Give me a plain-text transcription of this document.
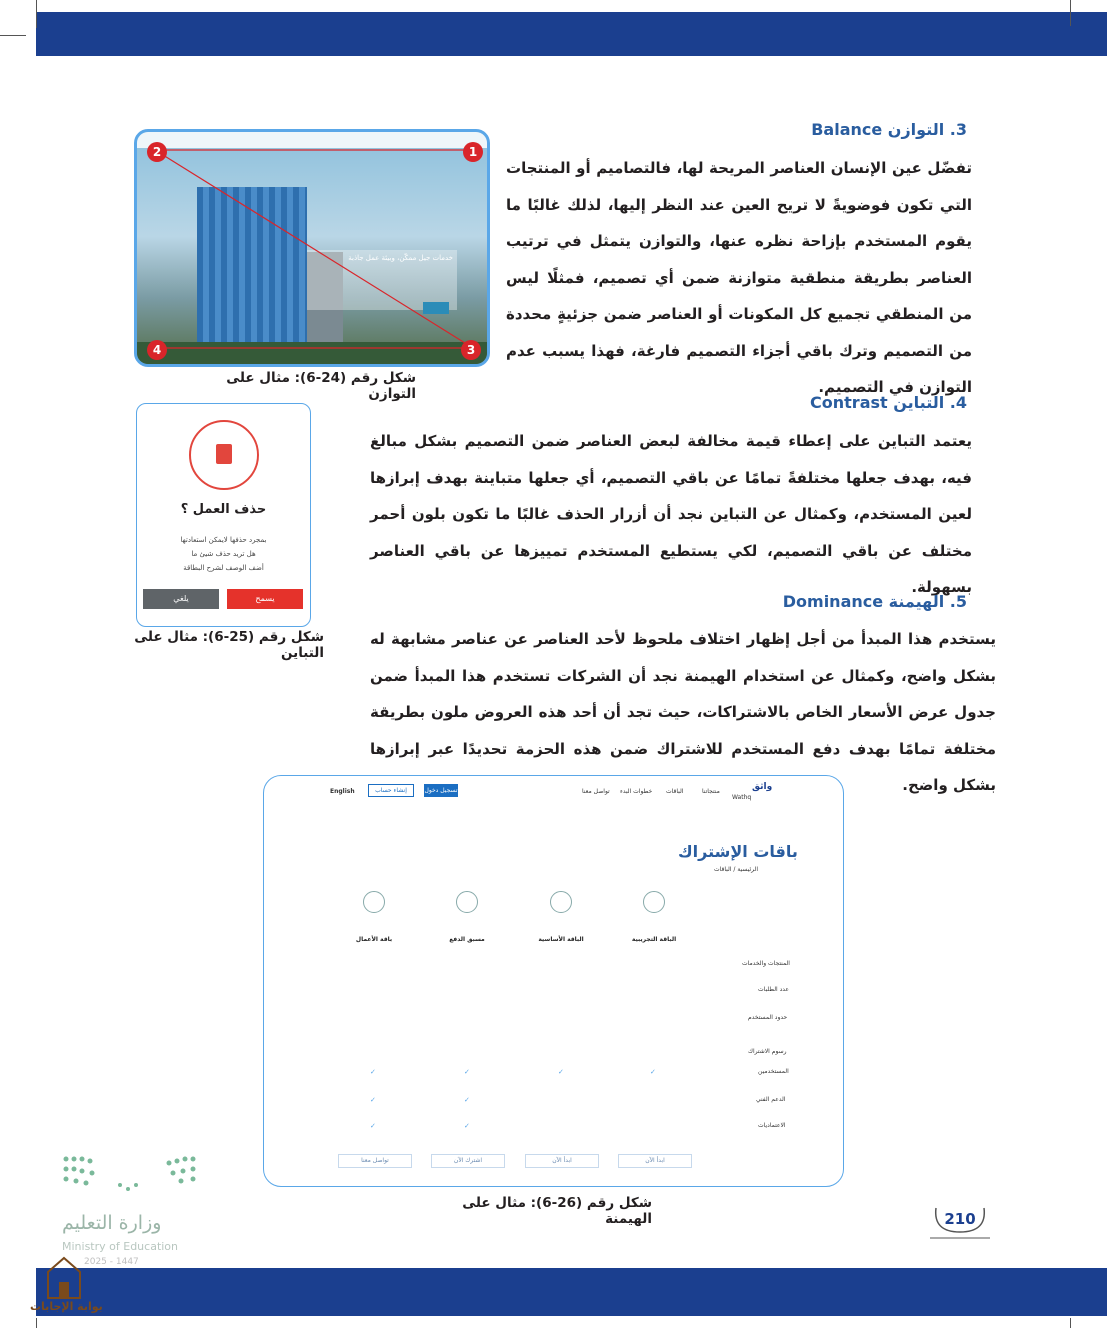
3. التوازن Balance
تفضّل عين الإنسان العناصر المريحة لها، فالتصاميم أو المنتجات التي تكون فوضويةً لا تريح العين عند النظر إليها، لذلك غالبًا ما يقوم المستخدم بإزاحة نظره عنها، والتوازن يتمثل في ترتيب العناصر بطريقة منطقية متوازنة ضمن أي تصميم، فمثلًا ليس من المنطقي تجميع كل المكونات أو العناصر ضمن جزئيةٍ محددة من التصميم وترك باقي أجزاء التصميم فارغة، فهذا يسبب عدم التوازن في التصميم.
خدمات جيل ممكّن، وبيئة عمل جاذبة
1
2
3
4
شكل رقم (24-6): مثال على التوازن	4. التباين Contrast
يعتمد التباين على إعطاء قيمة مخالفة لبعض العناصر ضمن التصميم بشكل مبالغ فيه، بهدف جعلها مختلفةً تمامًا عن باقي التصميم، أي جعلها متباينة بهدف إبرازها لعين المستخدم، وكمثال عن التباين نجد أن أزرار الحذف غالبًا ما تكون بلون أحمر مختلف عن باقي التصميم، لكي يستطيع المستخدم تمييزها عن باقي العناصر بسهولة.
حذف العمل ؟
بمجرد حذفها لايمكن استعادتها
هل تريد حذف شيئ ما
أضف الوصف لشرح البطاقة
يسمح
يلغي
شكل رقم (25-6): مثال على التباين
5. الهيمنة Dominance
يستخدم هذا المبدأ من أجل إظهار اختلاف ملحوظ لأحد العناصر عن عناصر مشابهة له بشكل واضح، وكمثال عن استخدام الهيمنة نجد أن الشركات تستخدم هذا المبدأ ضمن جدول عرض الأسعار الخاص بالاشتراكات، حيث تجد أن أحد هذه العروض ملون بطريقة مختلفة تمامًا بهدف دفع المستخدم للاشتراك ضمن هذه الحزمة تحديدًا عبر إبرازها بشكل واضح.
واثق
Wathq
منتجاتنا
الباقات
خطوات البدء
تواصل معنا
تسجيل دخول
إنشاء حساب
English
باقات الإشتراك
الرئيسية / الباقات
الباقة التجريبية
الباقة الأساسية
مسبق الدفع
باقة الأعمال
المنتجات والخدمات
عدد الطلبات
حدود المستخدم
رسوم الاشتراك
المستخدمين
الدعم الفني
الاعتماديات
✓
✓
✓
✓
✓
✓
✓
✓
ابدأ الآن
ابدأ الآن
اشترك الآن
تواصل معنا
شكل رقم (26-6): مثال على الهيمنة	210
وزارة التعليم
Ministry of Education
2025 - 1447
بوابة الإجابات
